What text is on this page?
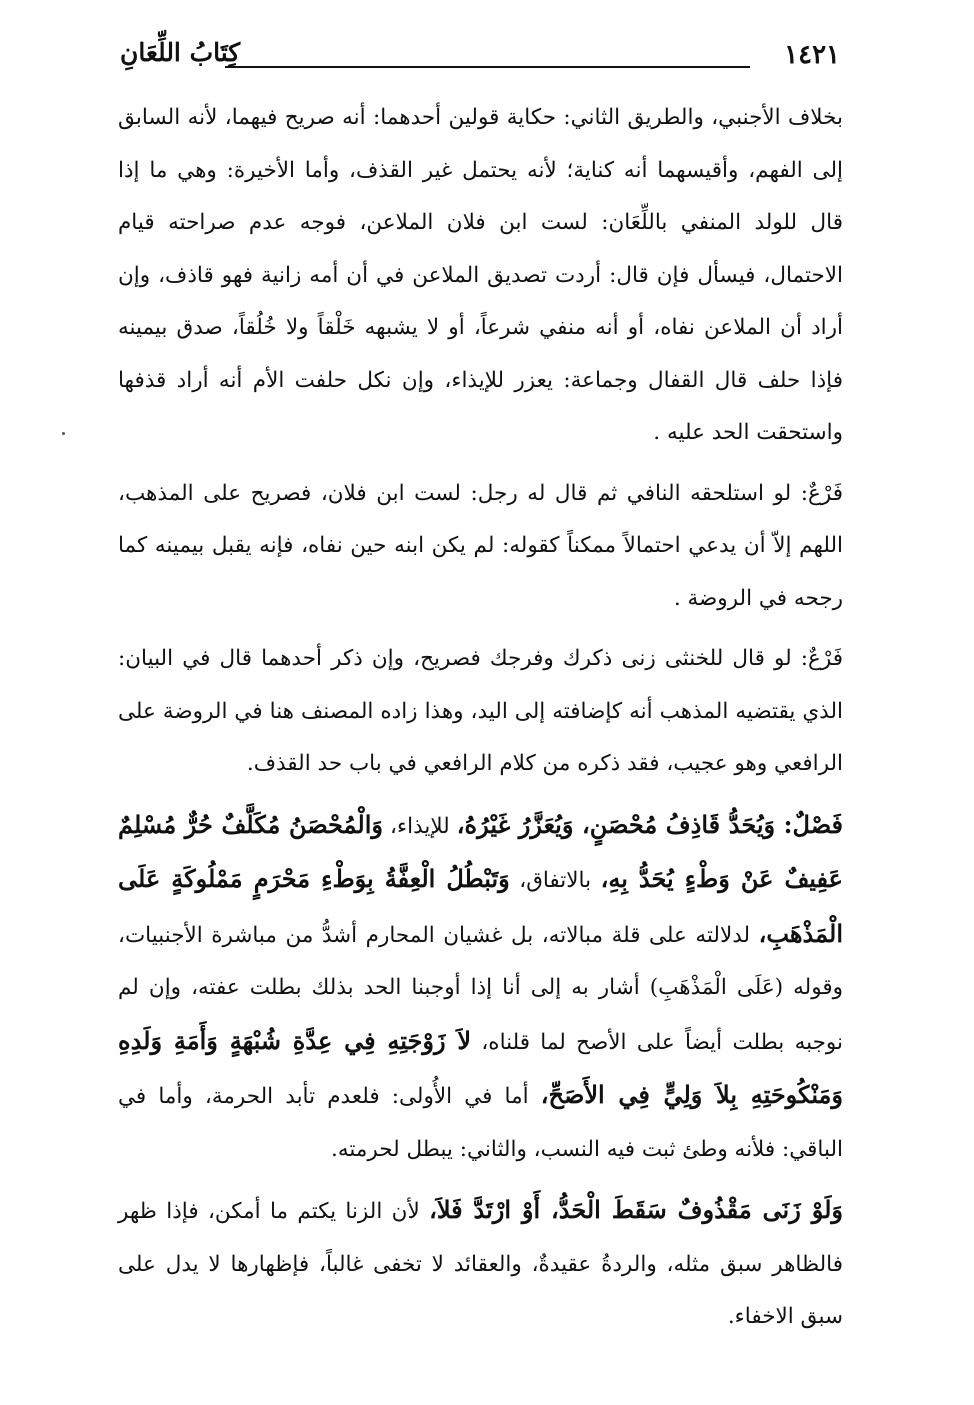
١٤٢١
كِتَابُ اللِّعَانِ

بخلاف الأجنبي، والطريق الثاني: حكاية قولين أحدهما: أنه صريح فيهما، لأنه السابق إلى الفهم، وأقيسهما أنه كناية؛ لأنه يحتمل غير القذف، وأما الأخيرة: وهي ما إذا قال للولد المنفي باللِّعَان: لست ابن فلان الملاعن، فوجه عدم صراحته قيام الاحتمال، فيسأل فإن قال: أردت تصديق الملاعن في أن أمه زانية فهو قاذف، وإن أراد أن الملاعن نفاه، أو أنه منفي شرعاً، أو لا يشبهه خَلْقاً ولا خُلُقاً، صدق بيمينه فإذا حلف قال القفال وجماعة: يعزر للإيذاء، وإن نكل حلفت الأم أنه أراد قذفها واستحقت الحد عليه .

فَرْعٌ: لو استلحقه النافي ثم قال له رجل: لست ابن فلان، فصريح على المذهب، اللهم إلاّ أن يدعي احتمالاً ممكناً كقوله: لم يكن ابنه حين نفاه، فإنه يقبل بيمينه كما رجحه في الروضة .

فَرْعٌ: لو قال للخنثى زنى ذكرك وفرجك فصريح، وإن ذكر أحدهما قال في البيان: الذي يقتضيه المذهب أنه كإضافته إلى اليد، وهذا زاده المصنف هنا في الروضة على الرافعي وهو عجيب، فقد ذكره من كلام الرافعي في باب حد القذف.

فَصْلٌ: وَيُحَدُّ قَاذِفُ مُحْصَنٍ، وَيُعَزَّرُ غَيْرُهُ، للإيذاء، وَالْمُحْصَنُ مُكَلَّفٌ حُرٌّ مُسْلِمٌ عَفِيفٌ عَنْ وَطْءٍ يُحَدُّ بِهِ، بالاتفاق، وَتَبْطُلُ الْعِفَّةُ بِوَطْءِ مَحْرَمٍ مَمْلُوكَةٍ عَلَى الْمَذْهَبِ، لدلالته على قلة مبالاته، بل غشيان المحارم أشدُّ من مباشرة الأجنبيات، وقوله (عَلَى الْمَذْهَبِ) أشار به إلى أنا إذا أوجبنا الحد بذلك بطلت عفته، وإن لم نوجبه بطلت أيضاً على الأصح لما قلناه، لاَ زَوْجَتِهِ فِي عِدَّةِ شُبْهَةٍ وَأَمَةِ وَلَدِهِ وَمَنْكُوحَتِهِ بِلاَ وَلِيٍّ فِي الأَصَحِّ، أما في الأُولى: فلعدم تأبد الحرمة، وأما في الباقي: فلأنه وطئ ثبت فيه النسب، والثاني: يبطل لحرمته.

وَلَوْ زَنَى مَقْذُوفٌ سَقَطَ الْحَدُّ، أَوْ ارْتَدَّ فَلاَ، لأن الزنا يكتم ما أمكن، فإذا ظهر فالظاهر سبق مثله، والردةُ عقيدةٌ، والعقائد لا تخفى غالباً، فإظهارها لا يدل على سبق الاخفاء.
